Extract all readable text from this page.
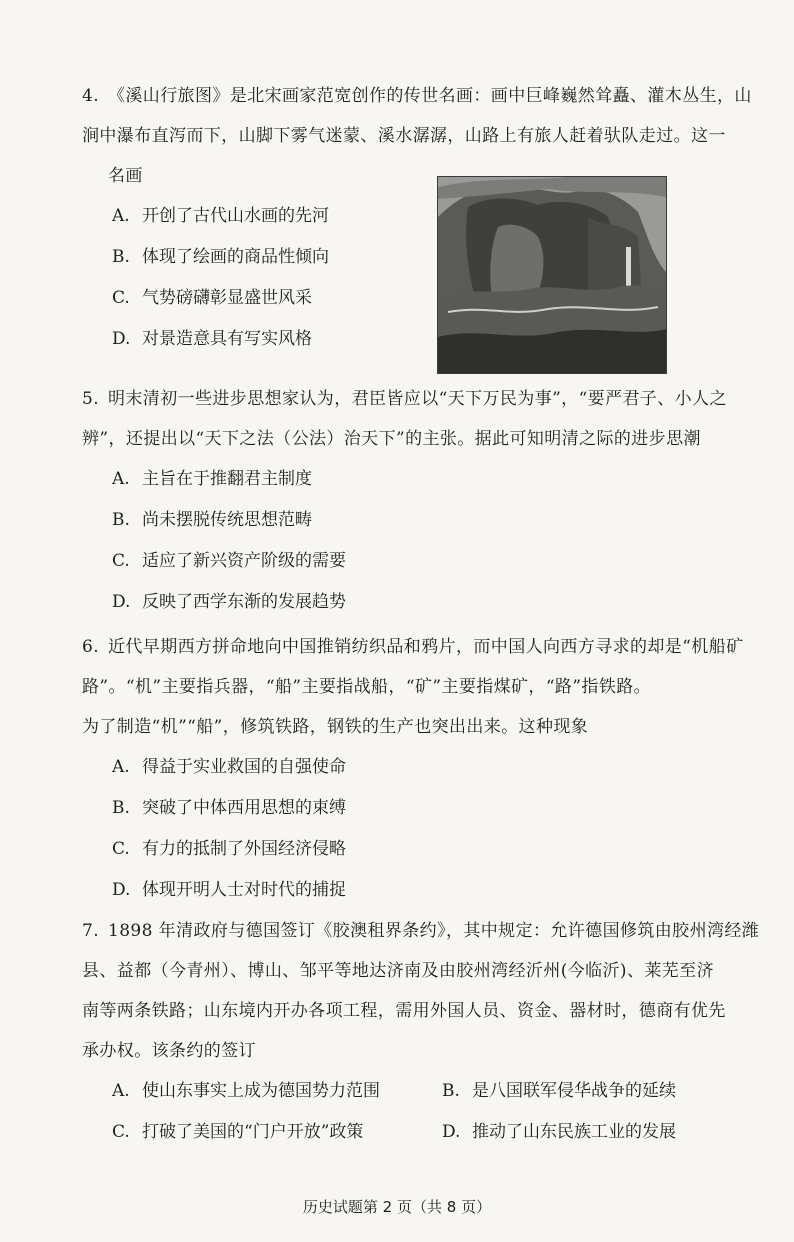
4. 《溪山行旅图》是北宋画家范宽创作的传世名画：画中巨峰巍然耸矗、灌木丛生，山

涧中瀑布直泻而下，山脚下雾气迷蒙、溪水潺潺，山路上有旅人赶着驮队走过。这一

名画

A. 开创了古代山水画的先河

B. 体现了绘画的商品性倾向

C. 气势磅礴彰显盛世风采

D. 对景造意具有写实风格

5. 明末清初一些进步思想家认为，君臣皆应以“天下万民为事”，“要严君子、小人之

辨”，还提出以“天下之法（公法）治天下”的主张。据此可知明清之际的进步思潮

A. 主旨在于推翻君主制度

B. 尚未摆脱传统思想范畴

C. 适应了新兴资产阶级的需要

D. 反映了西学东渐的发展趋势

6. 近代早期西方拼命地向中国推销纺织品和鸦片，而中国人向西方寻求的却是“机船矿

路”。“机”主要指兵器，“船”主要指战船，“矿”主要指煤矿，“路”指铁路。

为了制造“机”“船”，修筑铁路，钢铁的生产也突出出来。这种现象

A. 得益于实业救国的自强使命

B. 突破了中体西用思想的束缚

C. 有力的抵制了外国经济侵略

D. 体现开明人士对时代的捕捉

7. 1898 年清政府与德国签订《胶澳租界条约》，其中规定：允许德国修筑由胶州湾经潍

县、益都（今青州）、博山、邹平等地达济南及由胶州湾经沂州(今临沂)、莱芜至济

南等两条铁路；山东境内开办各项工程，需用外国人员、资金、器材时，德商有优先

承办权。该条约的签订

A. 使山东事实上成为德国势力范围	B. 是八国联军侵华战争的延续

C. 打破了美国的“门户开放”政策	D. 推动了山东民族工业的发展

历史试题第 2 页（共 8 页）
